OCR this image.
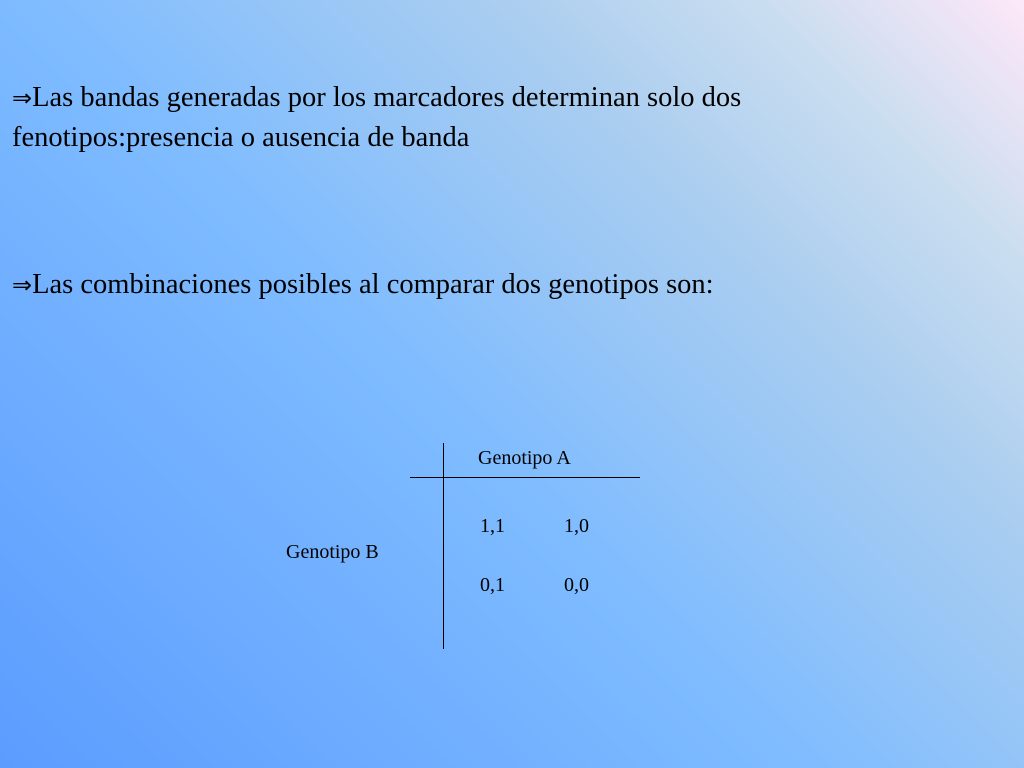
⇒Las bandas generadas por los marcadores determinan solo dos
fenotipos:presencia o ausencia de banda
⇒Las combinaciones posibles al comparar dos genotipos son:
Genotipo A
Genotipo B
1,1	1,0
0,1	0,0
